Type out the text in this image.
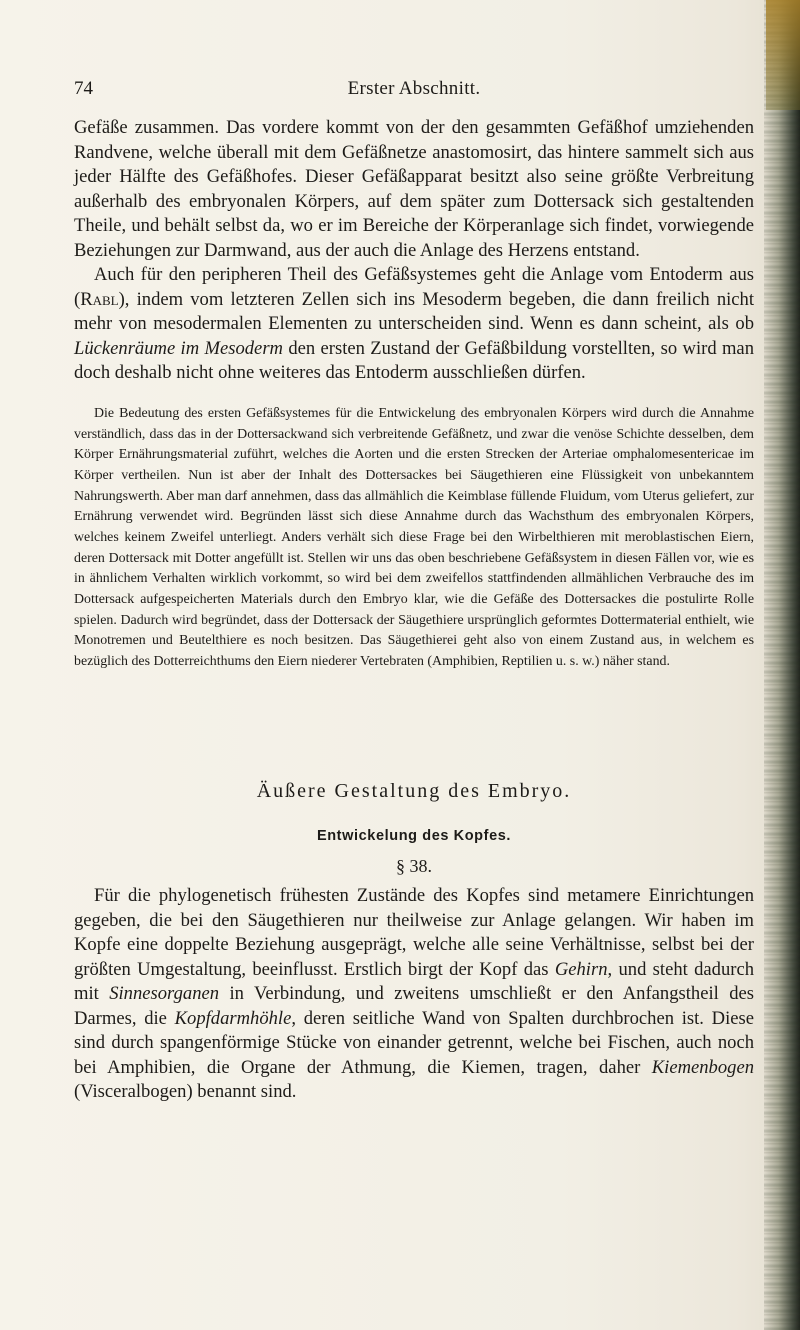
74	Erster Abschnitt.

Gefäße zusammen. Das vordere kommt von der den gesammten Gefäßhof umziehenden Randvene, welche überall mit dem Gefäßnetze anastomosirt, das hintere sammelt sich aus jeder Hälfte des Gefäßhofes. Dieser Gefäßapparat besitzt also seine größte Verbreitung außerhalb des embryonalen Körpers, auf dem später zum Dottersack sich gestaltenden Theile, und behält selbst da, wo er im Bereiche der Körperanlage sich findet, vorwiegende Beziehungen zur Darmwand, aus der auch die Anlage des Herzens entstand.

Auch für den peripheren Theil des Gefäßsystemes geht die Anlage vom Entoderm aus (Rabl), indem vom letzteren Zellen sich ins Mesoderm begeben, die dann freilich nicht mehr von mesodermalen Elementen zu unterscheiden sind. Wenn es dann scheint, als ob Lückenräume im Mesoderm den ersten Zustand der Gefäßbildung vorstellten, so wird man doch deshalb nicht ohne weiteres das Entoderm ausschließen dürfen.

Die Bedeutung des ersten Gefäßsystemes für die Entwickelung des embryonalen Körpers wird durch die Annahme verständlich, dass das in der Dottersackwand sich verbreitende Gefäßnetz, und zwar die venöse Schichte desselben, dem Körper Ernährungsmaterial zuführt, welches die Aorten und die ersten Strecken der Arteriae omphalomesentericae im Körper vertheilen. Nun ist aber der Inhalt des Dottersackes bei Säugethieren eine Flüssigkeit von unbekanntem Nahrungswerth. Aber man darf annehmen, dass das allmählich die Keimblase füllende Fluidum, vom Uterus geliefert, zur Ernährung verwendet wird. Begründen lässt sich diese Annahme durch das Wachsthum des embryonalen Körpers, welches keinem Zweifel unterliegt. Anders verhält sich diese Frage bei den Wirbelthieren mit meroblastischen Eiern, deren Dottersack mit Dotter angefüllt ist. Stellen wir uns das oben beschriebene Gefäßsystem in diesen Fällen vor, wie es in ähnlichem Verhalten wirklich vorkommt, so wird bei dem zweifellos stattfindenden allmählichen Verbrauche des im Dottersack aufgespeicherten Materials durch den Embryo klar, wie die Gefäße des Dottersackes die postulirte Rolle spielen. Dadurch wird begründet, dass der Dottersack der Säugethiere ursprünglich geformtes Dottermaterial enthielt, wie Monotremen und Beutelthiere es noch besitzen. Das Säugethierei geht also von einem Zustand aus, in welchem es bezüglich des Dotterreichthums den Eiern niederer Vertebraten (Amphibien, Reptilien u. s. w.) näher stand.

Äußere Gestaltung des Embryo.
Entwickelung des Kopfes.
§ 38.

Für die phylogenetisch frühesten Zustände des Kopfes sind metamere Einrichtungen gegeben, die bei den Säugethieren nur theilweise zur Anlage gelangen. Wir haben im Kopfe eine doppelte Beziehung ausgeprägt, welche alle seine Verhältnisse, selbst bei der größten Umgestaltung, beeinflusst. Erstlich birgt der Kopf das Gehirn, und steht dadurch mit Sinnesorganen in Verbindung, und zweitens umschließt er den Anfangstheil des Darmes, die Kopfdarmhöhle, deren seitliche Wand von Spalten durchbrochen ist. Diese sind durch spangenförmige Stücke von einander getrennt, welche bei Fischen, auch noch bei Amphibien, die Organe der Athmung, die Kiemen, tragen, daher Kiemenbogen (Visceralbogen) benannt sind.
